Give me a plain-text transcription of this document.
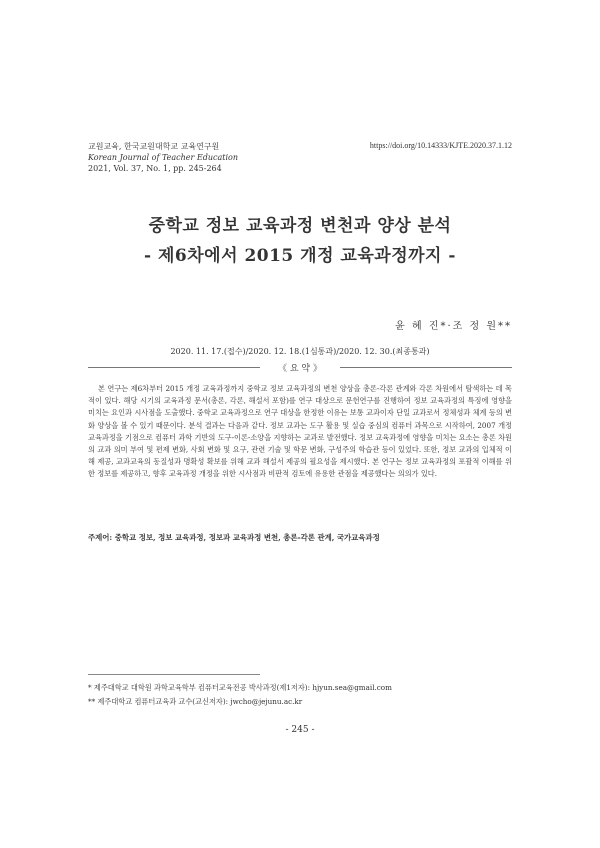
교원교육, 한국교원대학교 교육연구원
Korean Journal of Teacher Education
2021, Vol. 37, No. 1, pp. 245-264
https://doi.org/10.14333/KJTE.2020.37.1.12
중학교 정보 교육과정 변천과 양상 분석
- 제6차에서 2015 개정 교육과정까지 -
윤 혜 진*·조 정 원**
2020. 11. 17.(접수)/2020. 12. 18.(1심통과)/2020. 12. 30.(최종통과)
《 요 약 》

본 연구는 제6차부터 2015 개정 교육과정까지 중학교 정보 교육과정의 변천 양상을 총론-각론 관계와 각론 차원에서 탐색하는 데 목적이 있다. 해당 시기의 교육과정 문서(총론, 각론, 해설서 포함)를 연구 대상으로 문헌연구를 진행하여 정보 교육과정의 특징에 영향을 미치는 요인과 시사점을 도출했다. 중학교 교육과정으로 연구 대상을 한정한 이유는 보통 교과이자 단일 교과로서 정체성과 체계 등의 변화 양상을 볼 수 있기 때문이다. 분석 결과는 다음과 같다. 정보 교과는 도구 활용 및 실습 중심의 컴퓨터 과목으로 시작하여, 2007 개정 교육과정을 기점으로 컴퓨터 과학 기반의 도구-이론-소양을 지향하는 교과로 발전했다. 정보 교육과정에 영향을 미치는 요소는 총론 차원의 교과 의미 부여 및 편제 변화, 사회 변화 및 요구, 관련 기술 및 학문 변화, 구성주의 학습관 등이 있었다. 또한, 정보 교과의 입체적 이해 제공, 교과교육의 동질성과 명확성 확보를 위해 교과 해설서 제공의 필요성을 제시했다. 본 연구는 정보 교육과정의 포괄적 이해를 위한 정보를 제공하고, 향후 교육과정 개정을 위한 시사점과 비판적 검토에 유용한 관점을 제공했다는 의의가 있다.

주제어: 중학교 정보, 정보 교육과정, 정보과 교육과정 변천, 총론-각론 관계, 국가교육과정
* 제주대학교 대학원 과학교육학부 컴퓨터교육전공 박사과정(제1저자): hjyun.sea@gmail.com
** 제주대학교 컴퓨터교육과 교수(교신저자): jwcho@jejunu.ac.kr
- 245 -
